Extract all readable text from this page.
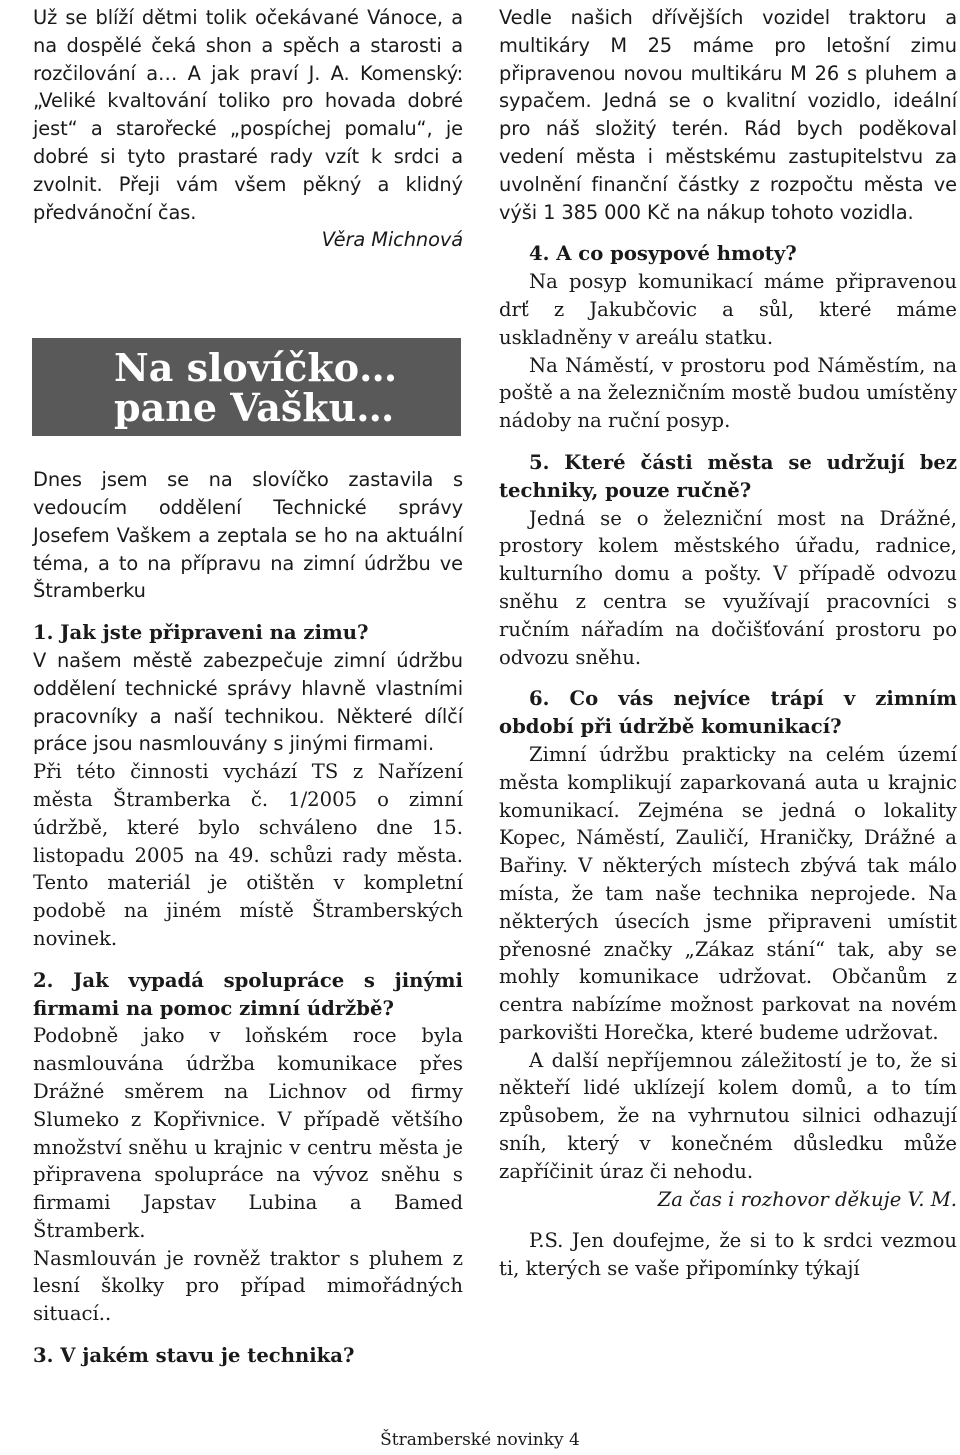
Už se blíží dětmi tolik očekávané Vánoce, a na dospělé čeká shon a spěch a starosti a rozčilování a… A jak praví J. A. Komenský: „Veliké kvaltování toliko pro hovada dobré jest“ a starořecké „pospíchej pomalu“, je dobré si tyto prastaré rady vzít k srdci a zvolnit. Přeji vám všem pěkný a klidný předvánoční čas.

Věra Michnová

Na slovíčko…
pane Vašku…

Dnes jsem se na slovíčko zastavila s vedoucím oddělení Technické správy Josefem Vaškem a zeptala se ho na aktuální téma, a to na přípravu na zimní údržbu ve Štramberku

1. Jak jste připraveni na zimu?

V našem městě zabezpečuje zimní údržbu oddělení technické správy hlavně vlastními pracovníky a naší technikou. Některé dílčí práce jsou nasmlouvány s jinými firmami.

Při této činnosti vychází TS z Nařízení města Štramberka č. 1/2005 o zimní údržbě, které bylo schváleno dne 15. listopadu 2005 na 49. schůzi rady města. Tento materiál je otištěn v kompletní podobě na jiném místě Štramberských novinek.

2. Jak vypadá spolupráce s jinými firmami na pomoc zimní údržbě?

Podobně jako v loňském roce byla nasmlouvána údržba komunikace přes Drážné směrem na Lichnov od firmy Slumeko z Kopřivnice. V případě většího množství sněhu u krajnic v centru města je připravena spolupráce na vývoz sněhu s firmami Japstav Lubina a Bamed Štramberk.

Nasmlouván je rovněž traktor s pluhem z lesní školky pro případ mimořádných situací..

3. V jakém stavu je technika?

Vedle našich dřívějších vozidel traktoru a multikáry M 25 máme pro letošní zimu připravenou novou multikáru M 26 s pluhem a sypačem. Jedná se o kvalitní vozidlo, ideální pro náš složitý terén. Rád bych poděkoval vedení města i městskému zastupitelstvu za uvolnění finanční částky z rozpočtu města ve výši 1 385 000 Kč na nákup tohoto vozidla.

4. A co posypové hmoty?

Na posyp komunikací máme připravenou drť z Jakubčovic a sůl, které máme uskladněny v areálu statku.

Na Náměstí, v prostoru pod Náměstím, na poště a na železničním mostě budou umístěny nádoby na ruční posyp.

5. Které části města se udržují bez techniky, pouze ručně?

Jedná se o železniční most na Drážné, prostory kolem městského úřadu, radnice, kulturního domu a pošty. V případě odvozu sněhu z centra se využívají pracovníci s ručním nářadím na dočišťování prostoru po odvozu sněhu.

6. Co vás nejvíce trápí v zimním období při údržbě komunikací?

Zimní údržbu prakticky na celém území města komplikují zaparkovaná auta u krajnic komunikací. Zejména se jedná o lokality Kopec, Náměstí, Zauličí, Hraničky, Drážné a Bařiny. V některých místech zbývá tak málo místa, že tam naše technika neprojede. Na některých úsecích jsme připraveni umístit přenosné značky „Zákaz stání“ tak, aby se mohly komunikace udržovat. Občanům z centra nabízíme možnost parkovat na novém parkovišti Horečka, které budeme udržovat.

A další nepříjemnou záležitostí je to, že si někteří lidé uklízejí kolem domů, a to tím způsobem, že na vyhrnutou silnici odhazují sníh, který v konečném důsledku může zapříčinit úraz či nehodu.

Za čas i rozhovor děkuje V. M.

P.S. Jen doufejme, že si to k srdci vezmou ti, kterých se vaše připomínky týkají

Štramberské novinky 4
